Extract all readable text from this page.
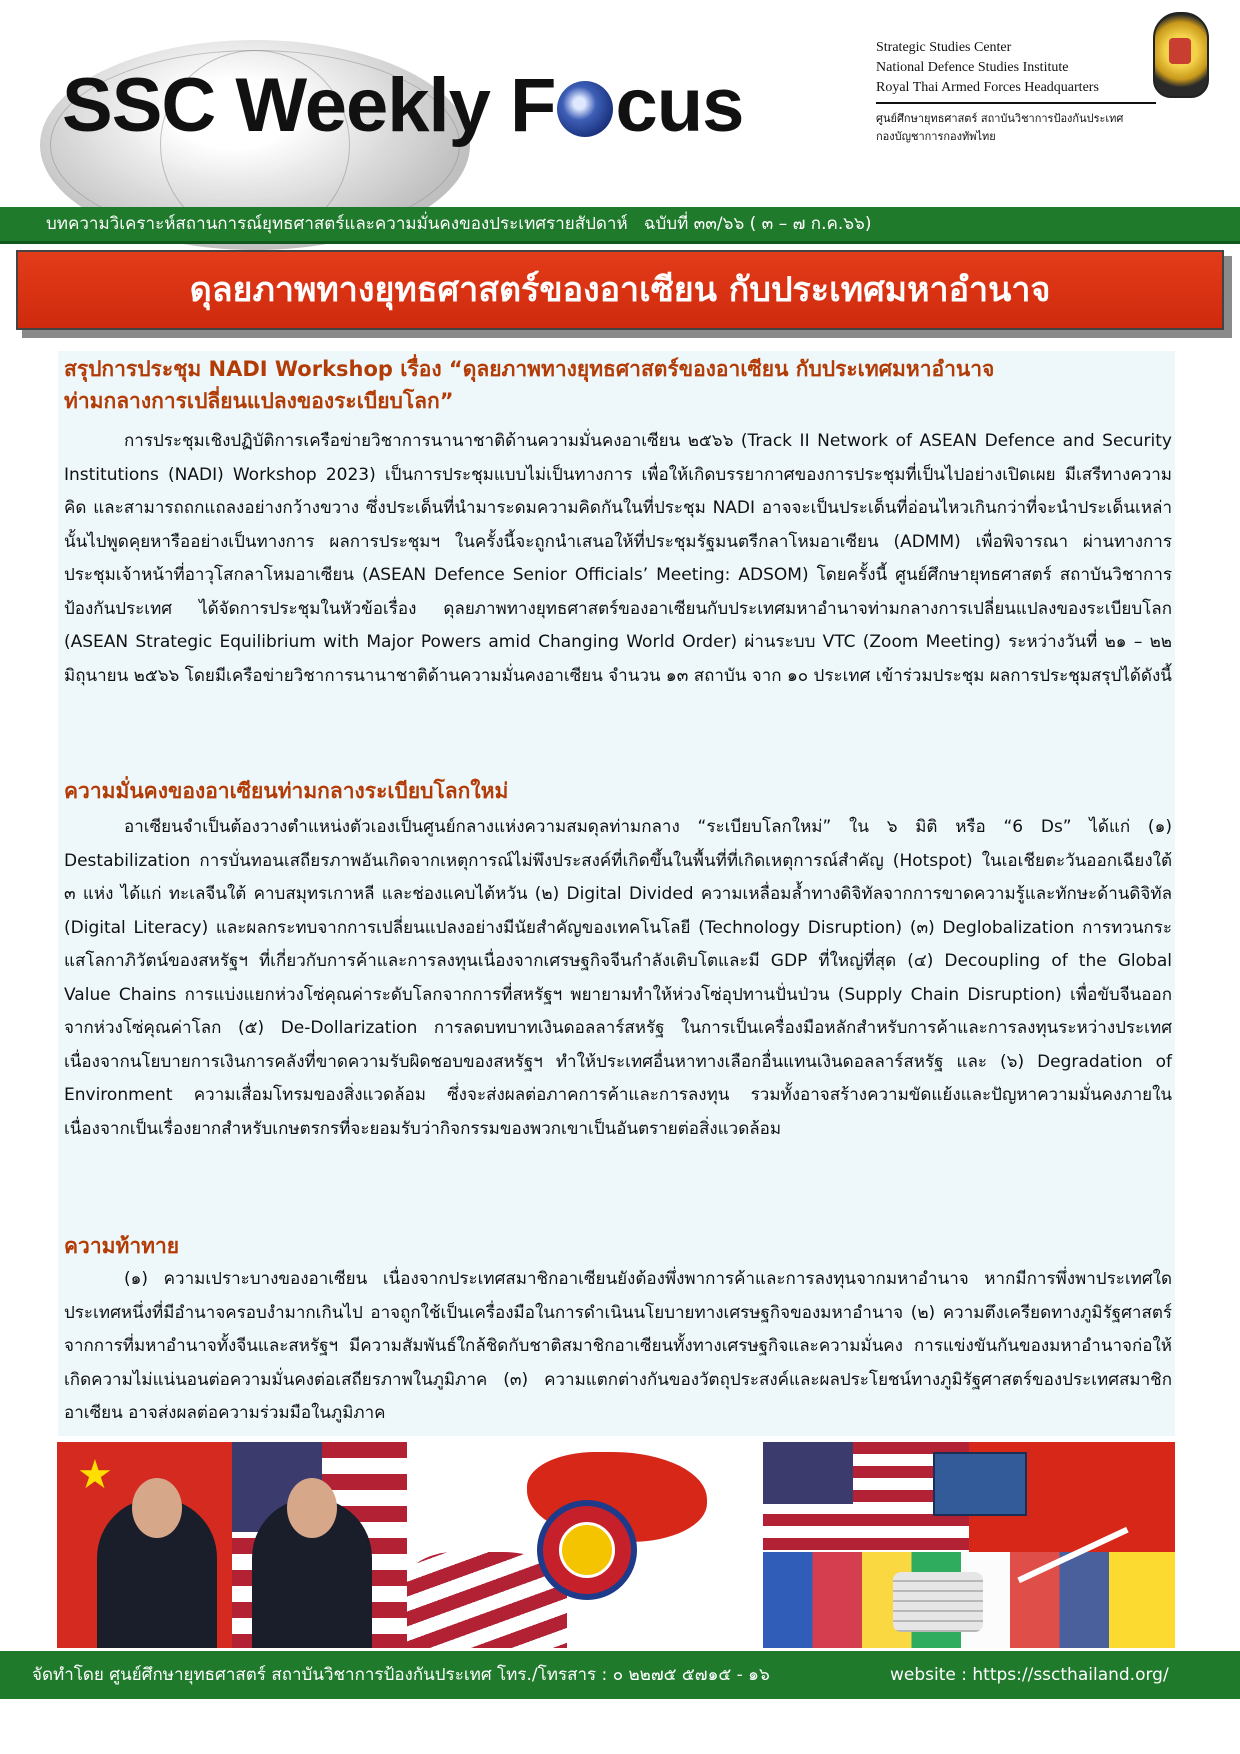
SSC Weekly F cus
Strategic Studies Center
National Defence Studies Institute
Royal Thai Armed Forces Headquarters
ศูนย์ศึกษายุทธศาสตร์ สถาบันวิชาการป้องกันประเทศ
กองบัญชาการกองทัพไทย
บทความวิเคราะห์สถานการณ์ยุทธศาสตร์และความมั่นคงของประเทศรายสัปดาห์ ฉบับที่ ๓๓/๖๖ ( ๓ – ๗ ก.ค.๖๖)
ดุลยภาพทางยุทธศาสตร์ของอาเซียน กับประเทศมหาอำนาจ
สรุปการประชุม NADI Workshop เรื่อง “ดุลยภาพทางยุทธศาสตร์ของอาเซียน กับประเทศมหาอำนาจ
ท่ามกลางการเปลี่ยนแปลงของระเบียบโลก”

การประชุมเชิงปฏิบัติการเครือข่ายวิชาการนานาชาติด้านความมั่นคงอาเซียน ๒๕๖๖ (Track II Network of ASEAN Defence and Security Institutions (NADI) Workshop 2023) เป็นการประชุมแบบไม่เป็นทางการ เพื่อให้เกิดบรรยากาศของการประชุมที่เป็นไปอย่างเปิดเผย มีเสรีทางความคิด และสามารถถกแถลงอย่างกว้างขวาง ซึ่งประเด็นที่นำมาระดมความคิดกันในที่ประชุม NADI อาจจะเป็นประเด็นที่อ่อนไหวเกินกว่าที่จะนำประเด็นเหล่านั้นไปพูดคุยหารืออย่างเป็นทางการ ผลการประชุมฯ ในครั้งนี้จะถูกนำเสนอให้ที่ประชุมรัฐมนตรีกลาโหมอาเซียน (ADMM) เพื่อพิจารณา ผ่านทางการประชุมเจ้าหน้าที่อาวุโสกลาโหมอาเซียน (ASEAN Defence Senior Officials’ Meeting: ADSOM) โดยครั้งนี้ ศูนย์ศึกษายุทธศาสตร์ สถาบันวิชาการป้องกันประเทศ ได้จัดการประชุมในหัวข้อเรื่อง ดุลยภาพทางยุทธศาสตร์ของอาเซียนกับประเทศมหาอำนาจท่ามกลางการเปลี่ยนแปลงของระเบียบโลก (ASEAN Strategic Equilibrium with Major Powers amid Changing World Order) ผ่านระบบ VTC (Zoom Meeting) ระหว่างวันที่ ๒๑ – ๒๒ มิถุนายน ๒๕๖๖ โดยมีเครือข่ายวิชาการนานาชาติด้านความมั่นคงอาเซียน จำนวน ๑๓ สถาบัน จาก ๑๐ ประเทศ เข้าร่วมประชุม ผลการประชุมสรุปได้ดังนี้

ความมั่นคงของอาเซียนท่ามกลางระเบียบโลกใหม่

อาเซียนจำเป็นต้องวางตำแหน่งตัวเองเป็นศูนย์กลางแห่งความสมดุลท่ามกลาง “ระเบียบโลกใหม่” ใน ๖ มิติ หรือ “6 Ds” ได้แก่ (๑) Destabilization การบั่นทอนเสถียรภาพอันเกิดจากเหตุการณ์ไม่พึงประสงค์ที่เกิดขึ้นในพื้นที่ที่เกิดเหตุการณ์สำคัญ (Hotspot) ในเอเชียตะวันออกเฉียงใต้ ๓ แห่ง ได้แก่ ทะเลจีนใต้ คาบสมุทรเกาหลี และช่องแคบไต้หวัน (๒) Digital Divided ความเหลื่อมล้ำทางดิจิทัลจากการขาดความรู้และทักษะด้านดิจิทัล (Digital Literacy) และผลกระทบจากการเปลี่ยนแปลงอย่างมีนัยสำคัญของเทคโนโลยี (Technology Disruption) (๓) Deglobalization การทวนกระแสโลกาภิวัตน์ของสหรัฐฯ ที่เกี่ยวกับการค้าและการลงทุนเนื่องจากเศรษฐกิจจีนกำลังเติบโตและมี GDP ที่ใหญ่ที่สุด (๔) Decoupling of the Global Value Chains การแบ่งแยกห่วงโซ่คุณค่าระดับโลกจากการที่สหรัฐฯ พยายามทำให้ห่วงโซ่อุปทานปั่นป่วน (Supply Chain Disruption) เพื่อขับจีนออกจากห่วงโซ่คุณค่าโลก (๕) De-Dollarization การลดบทบาทเงินดอลลาร์สหรัฐ ในการเป็นเครื่องมือหลักสำหรับการค้าและการลงทุนระหว่างประเทศ เนื่องจากนโยบายการเงินการคลังที่ขาดความรับผิดชอบของสหรัฐฯ ทำให้ประเทศอื่นหาทางเลือกอื่นแทนเงินดอลลาร์สหรัฐ และ (๖) Degradation of Environment ความเสื่อมโทรมของสิ่งแวดล้อม ซึ่งจะส่งผลต่อภาคการค้าและการลงทุน รวมทั้งอาจสร้างความขัดแย้งและปัญหาความมั่นคงภายใน เนื่องจากเป็นเรื่องยากสำหรับเกษตรกรที่จะยอมรับว่ากิจกรรมของพวกเขาเป็นอันตรายต่อสิ่งแวดล้อม

ความท้าทาย

(๑) ความเปราะบางของอาเซียน เนื่องจากประเทศสมาชิกอาเซียนยังต้องพึ่งพาการค้าและการลงทุนจากมหาอำนาจ หากมีการพึ่งพาประเทศใดประเทศหนึ่งที่มีอำนาจครอบงำมากเกินไป อาจถูกใช้เป็นเครื่องมือในการดำเนินนโยบายทางเศรษฐกิจของมหาอำนาจ (๒) ความตึงเครียดทางภูมิรัฐศาสตร์ จากการที่มหาอำนาจทั้งจีนและสหรัฐฯ มีความสัมพันธ์ใกล้ชิดกับชาติสมาชิกอาเซียนทั้งทางเศรษฐกิจและความมั่นคง การแข่งขันกันของมหาอำนาจก่อให้เกิดความไม่แน่นอนต่อความมั่นคงต่อเสถียรภาพในภูมิภาค (๓) ความแตกต่างกันของวัตถุประสงค์และผลประโยชน์ทางภูมิรัฐศาสตร์ของประเทศสมาชิกอาเซียน อาจส่งผลต่อความร่วมมือในภูมิภาค

★
จัดทำโดย ศูนย์ศึกษายุทธศาสตร์ สถาบันวิชาการป้องกันประเทศ โทร./โทรสาร : ๐ ๒๒๗๕ ๕๗๑๕ - ๑๖	website : https://sscthailand.org/
